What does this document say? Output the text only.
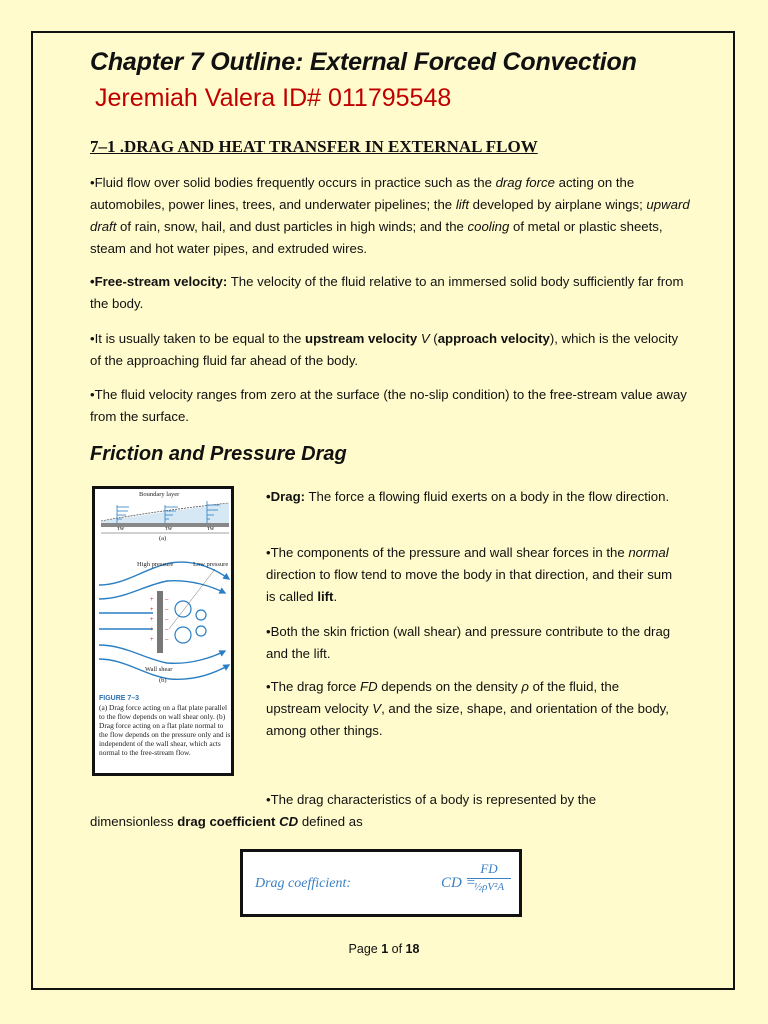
Chapter 7 Outline: External Forced Convection
Jeremiah Valera ID# 011795548
7–1 .DRAG AND HEAT TRANSFER IN EXTERNAL FLOW

•Fluid flow over solid bodies frequently occurs in practice such as the drag force acting on the automobiles, power lines, trees, and underwater pipelines; the lift developed by airplane wings; upward draft of rain, snow, hail, and dust particles in high winds; and the cooling of metal or plastic sheets, steam and hot water pipes, and extruded wires.

•Free-stream velocity: The velocity of the fluid relative to an immersed solid body sufficiently far from the body.

•It is usually taken to be equal to the upstream velocity V (approach velocity), which is the velocity of the approaching fluid far ahead of the body.

•The fluid velocity ranges from zero at the surface (the no-slip condition) to the free-stream value away from the surface.

Friction and Pressure Drag
+
+
+
+
+
–
–
–
–
–
Boundary layer
τw	τw	τw
(a)
High pressure	Low pressure
Wall shear
(b)
FIGURE 7–3
(a) Drag force acting on a flat plate parallel to the flow depends on wall shear only. (b) Drag force acting on a flat plate normal to the flow depends on the pressure only and is independent of the wall shear, which acts normal to the free-stream flow.

•Drag: The force a flowing fluid exerts on a body in the flow direction.

•The components of the pressure and wall shear forces in the normal direction to flow tend to move the body in that direction, and their sum is called lift.

•Both the skin friction (wall shear) and pressure contribute to the drag and the lift.

•The drag force FD depends on the density ρ of the fluid, the upstream velocity V, and the size, shape, and orientation of the body, among other things.

•The drag characteristics of a body is represented by the

dimensionless drag coefficient CD defined as

Drag coefficient:	CD =
FD
½ρV²A
Page 1 of 18
